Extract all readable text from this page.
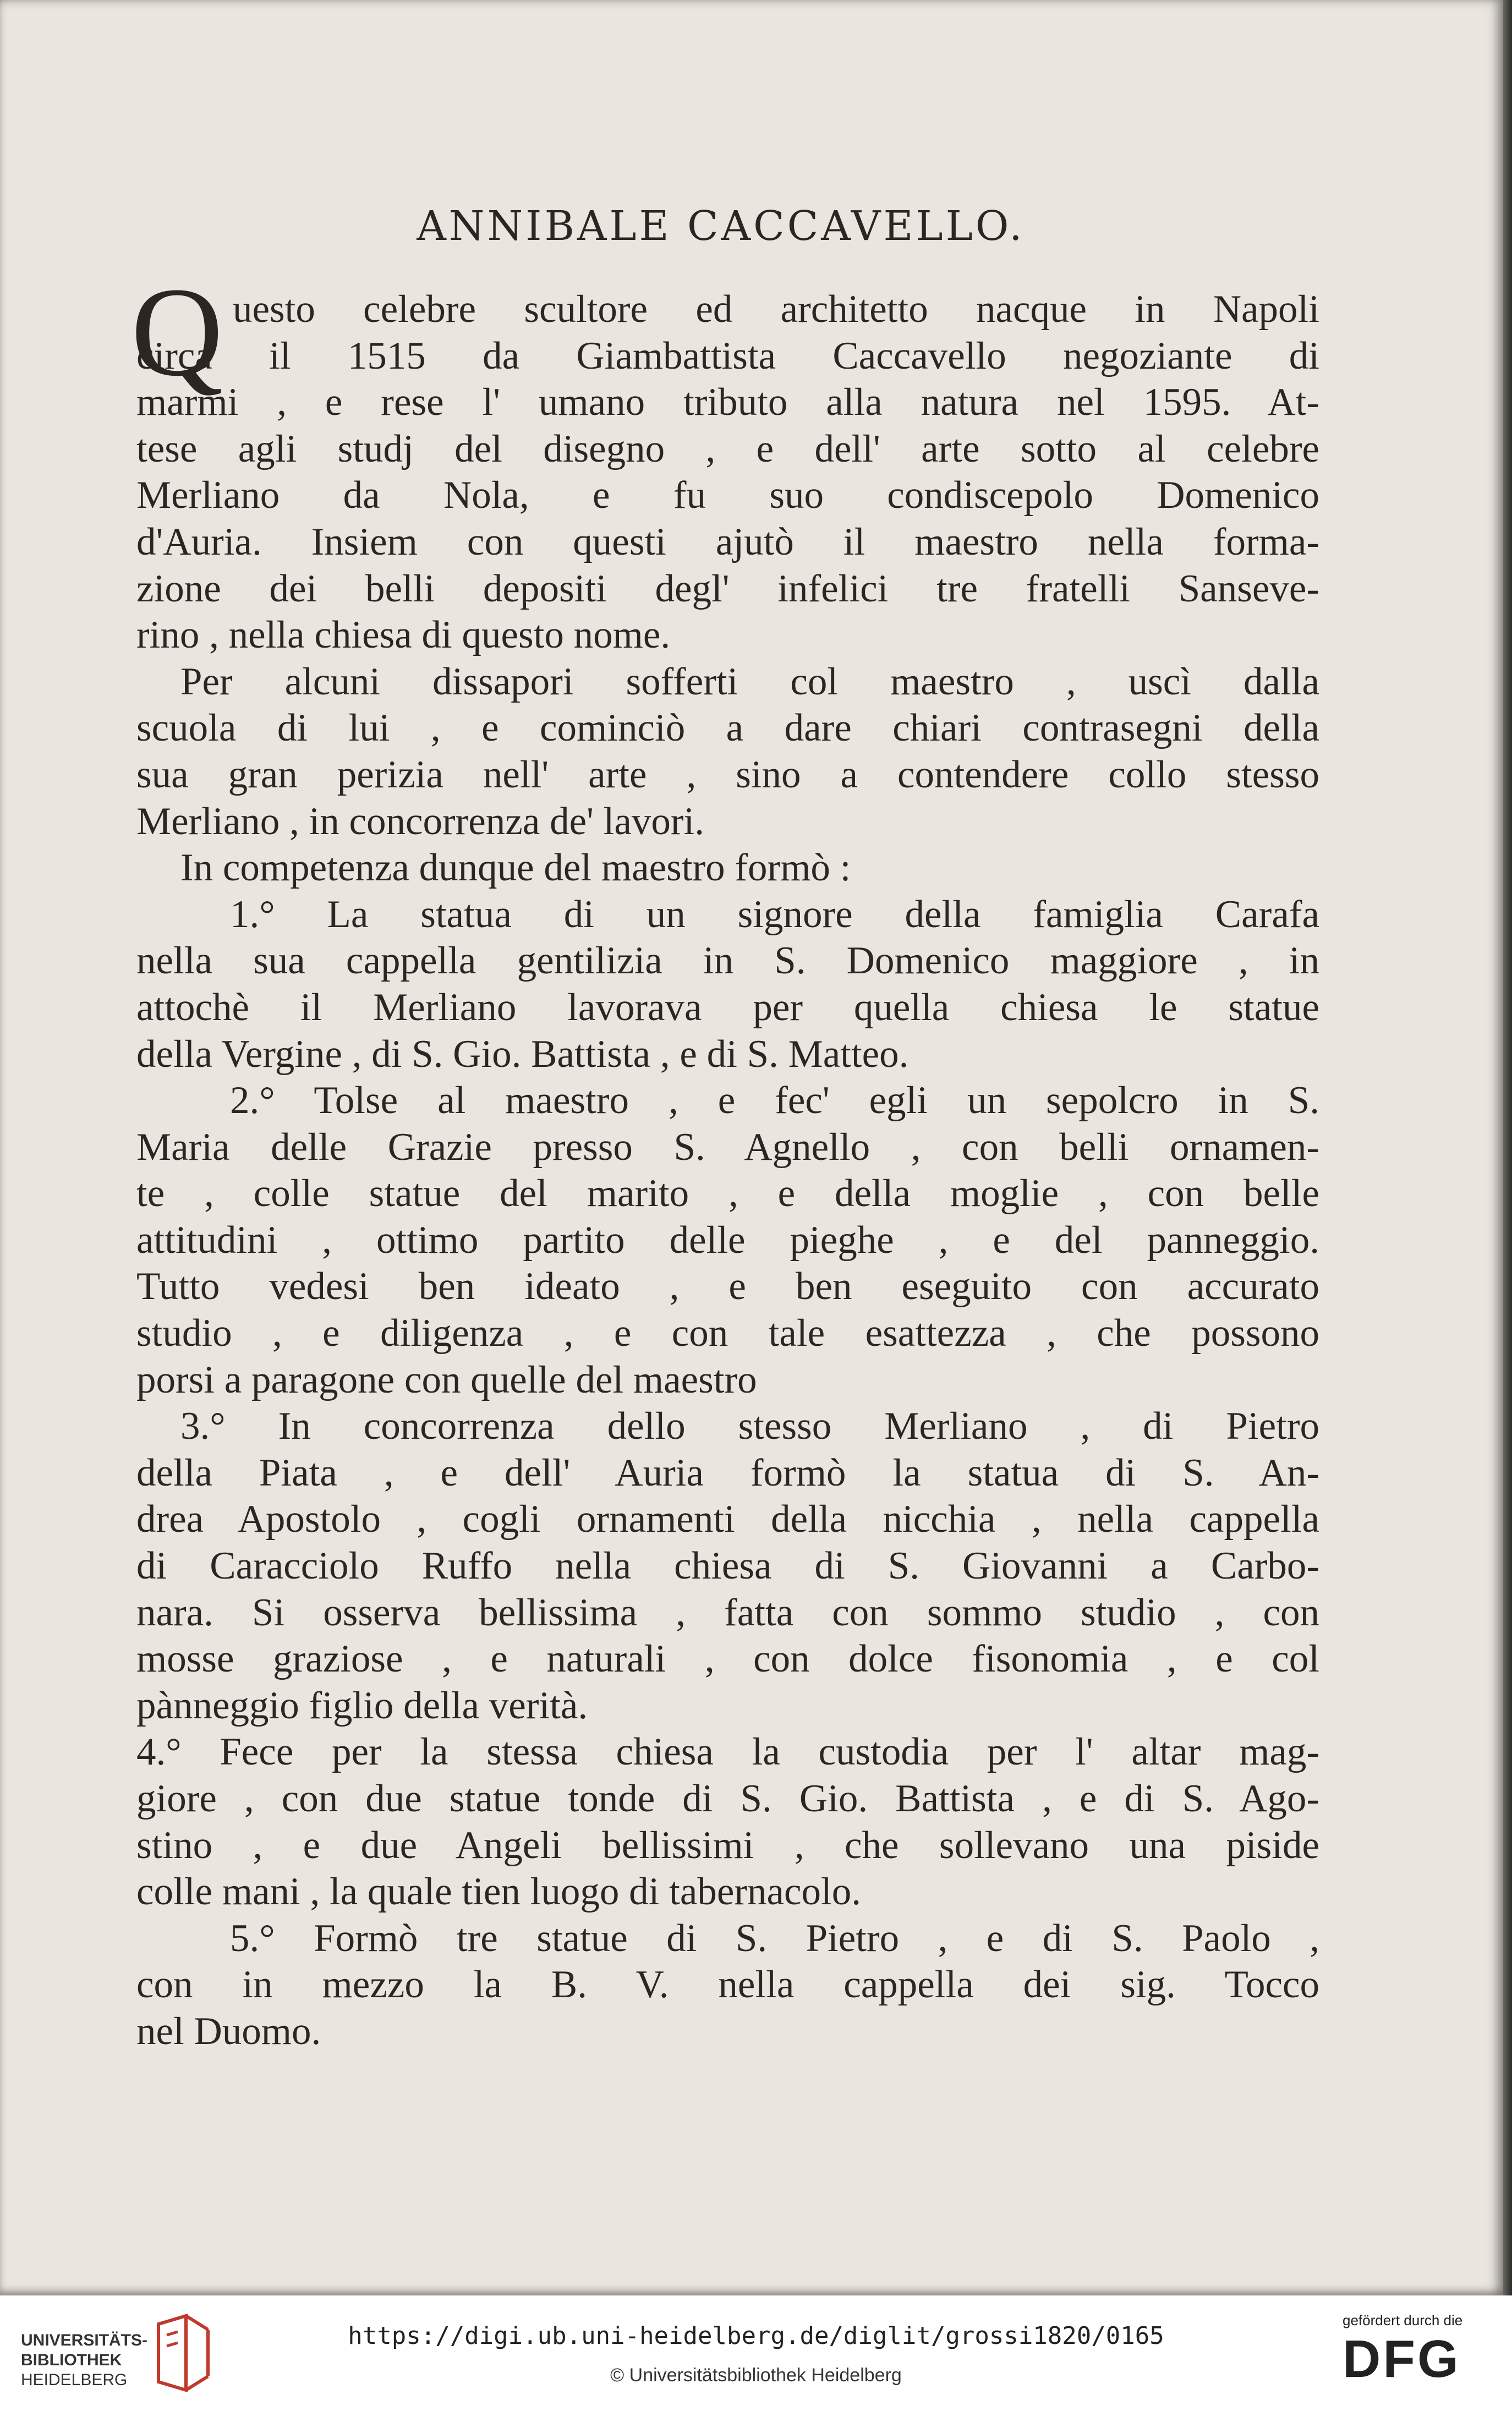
ANNIBALE CACCAVELLO.
Q uesto celebre scultore ed architetto nacque in Napoli
circa il 1515 da Giambattista Caccavello negoziante di
marmi , e rese l' umano tributo alla natura nel 1595. At-
tese agli studj del disegno , e dell' arte sotto al celebre
Merliano da Nola, e fu suo condiscepolo Domenico
d'Auria. Insiem con questi ajutò il maestro nella forma-
zione dei belli depositi degl' infelici tre fratelli Sanseve-
rino , nella chiesa di questo nome.
Per alcuni dissapori sofferti col maestro , uscì dalla
scuola di lui , e cominciò a dare chiari contrasegni della
sua gran perizia nell' arte , sino a contendere collo stesso
Merliano , in concorrenza de' lavori.
In competenza dunque del maestro formò :
1.° La statua di un signore della famiglia Carafa
nella sua cappella gentilizia in S. Domenico maggiore , in
attochè il Merliano lavorava per quella chiesa le statue
della Vergine , di S. Gio. Battista , e di S. Matteo.
2.° Tolse al maestro , e fec' egli un sepolcro in S.
Maria delle Grazie presso S. Agnello , con belli ornamen-
te , colle statue del marito , e della moglie , con belle
attitudini , ottimo partito delle pieghe , e del panneggio.
Tutto vedesi ben ideato , e ben eseguito con accurato
studio , e diligenza , e con tale esattezza , che possono
porsi a paragone con quelle del maestro
3.° In concorrenza dello stesso Merliano , di Pietro
della Piata , e dell' Auria formò la statua di S. An-
drea Apostolo , cogli ornamenti della nicchia , nella cappella
di Caracciolo Ruffo nella chiesa di S. Giovanni a Carbo-
nara. Si osserva bellissima , fatta con sommo studio , con
mosse graziose , e naturali , con dolce fisonomia , e col
pànneggio figlio della verità.
4.° Fece per la stessa chiesa la custodia per l' altar mag-
giore , con due statue tonde di S. Gio. Battista , e di S. Ago-
stino , e due Angeli bellissimi , che sollevano una piside
colle mani , la quale tien luogo di tabernacolo.
5.° Formò tre statue di S. Pietro , e di S. Paolo ,
con in mezzo la B. V. nella cappella dei sig. Tocco
nel Duomo.
UNIVERSITÄTS-
BIBLIOTHEK
HEIDELBERG
https://digi.ub.uni-heidelberg.de/diglit/grossi1820/0165
© Universitätsbibliothek Heidelberg
gefördert durch die
DFG
